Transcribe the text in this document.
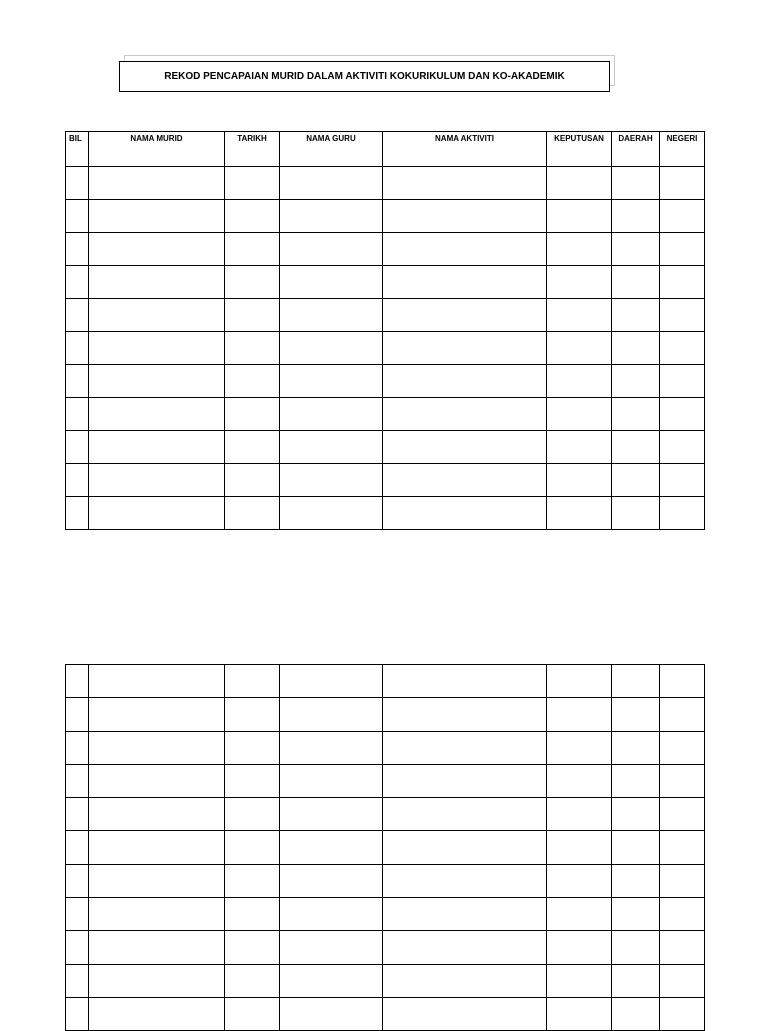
REKOD PENCAPAIAN MURID DALAM AKTIVITI KOKURIKULUM DAN KO-AKADEMIK
BIL	NAMA MURID	TARIKH	NAMA GURU	NAMA AKTIVITI	KEPUTUSAN	DAERAH	NEGERI
